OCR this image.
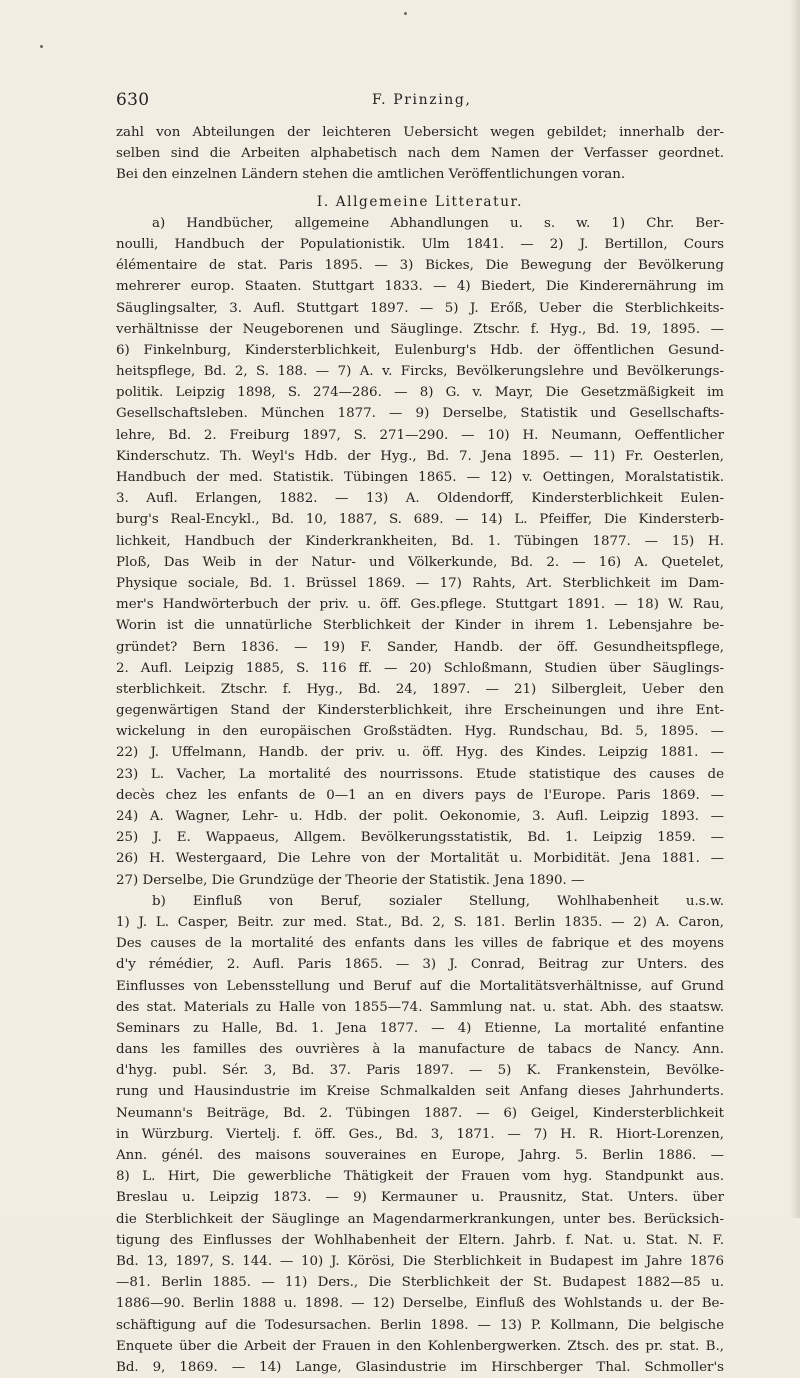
630	F. Prinzing,
zahl von Abteilungen der leichteren Uebersicht wegen gebildet; innerhalb der-
selben sind die Arbeiten alphabetisch nach dem Namen der Verfasser geordnet.
Bei den einzelnen Ländern stehen die amtlichen Veröffentlichungen voran.
I. Allgemeine Litteratur.
a) Handbücher, allgemeine Abhandlungen u. s. w. 1) Chr. Ber-
noulli, Handbuch der Populationistik. Ulm 1841. — 2) J. Bertillon, Cours
élémentaire de stat. Paris 1895. — 3) Bickes, Die Bewegung der Bevölkerung
mehrerer europ. Staaten. Stuttgart 1833. — 4) Biedert, Die Kinderernährung im
Säuglingsalter, 3. Aufl. Stuttgart 1897. — 5) J. Erőß, Ueber die Sterblichkeits-
verhältnisse der Neugeborenen und Säuglinge. Ztschr. f. Hyg., Bd. 19, 1895. —
6) Finkelnburg, Kindersterblichkeit, Eulenburg's Hdb. der öffentlichen Gesund-
heitspflege, Bd. 2, S. 188. — 7) A. v. Fircks, Bevölkerungslehre und Bevölkerungs-
politik. Leipzig 1898, S. 274—286. — 8) G. v. Mayr, Die Gesetzmäßigkeit im
Gesellschaftsleben. München 1877. — 9) Derselbe, Statistik und Gesellschafts-
lehre, Bd. 2. Freiburg 1897, S. 271—290. — 10) H. Neumann, Oeffentlicher
Kinderschutz. Th. Weyl's Hdb. der Hyg., Bd. 7. Jena 1895. — 11) Fr. Oesterlen,
Handbuch der med. Statistik. Tübingen 1865. — 12) v. Oettingen, Moralstatistik.
3. Aufl. Erlangen, 1882. — 13) A. Oldendorff, Kindersterblichkeit Eulen-
burg's Real-Encykl., Bd. 10, 1887, S. 689. — 14) L. Pfeiffer, Die Kindersterb-
lichkeit, Handbuch der Kinderkrankheiten, Bd. 1. Tübingen 1877. — 15) H.
Ploß, Das Weib in der Natur- und Völkerkunde, Bd. 2. — 16) A. Quetelet,
Physique sociale, Bd. 1. Brüssel 1869. — 17) Rahts, Art. Sterblichkeit im Dam-
mer's Handwörterbuch der priv. u. öff. Ges.pflege. Stuttgart 1891. — 18) W. Rau,
Worin ist die unnatürliche Sterblichkeit der Kinder in ihrem 1. Lebensjahre be-
gründet? Bern 1836. — 19) F. Sander, Handb. der öff. Gesundheitspflege,
2. Aufl. Leipzig 1885, S. 116 ff. — 20) Schloßmann, Studien über Säuglings-
sterblichkeit. Ztschr. f. Hyg., Bd. 24, 1897. — 21) Silbergleit, Ueber den
gegenwärtigen Stand der Kindersterblichkeit, ihre Erscheinungen und ihre Ent-
wickelung in den europäischen Großstädten. Hyg. Rundschau, Bd. 5, 1895. —
22) J. Uffelmann, Handb. der priv. u. öff. Hyg. des Kindes. Leipzig 1881. —
23) L. Vacher, La mortalité des nourrissons. Etude statistique des causes de
decès chez les enfants de 0—1 an en divers pays de l'Europe. Paris 1869. —
24) A. Wagner, Lehr- u. Hdb. der polit. Oekonomie, 3. Aufl. Leipzig 1893. —
25) J. E. Wappaeus, Allgem. Bevölkerungsstatistik, Bd. 1. Leipzig 1859. —
26) H. Westergaard, Die Lehre von der Mortalität u. Morbidität. Jena 1881. —
27) Derselbe, Die Grundzüge der Theorie der Statistik. Jena 1890. —
b) Einfluß von Beruf, sozialer Stellung, Wohlhabenheit u.s.w.
1) J. L. Casper, Beitr. zur med. Stat., Bd. 2, S. 181. Berlin 1835. — 2) A. Caron,
Des causes de la mortalité des enfants dans les villes de fabrique et des moyens
d'y rémédier, 2. Aufl. Paris 1865. — 3) J. Conrad, Beitrag zur Unters. des
Einflusses von Lebensstellung und Beruf auf die Mortalitätsverhältnisse, auf Grund
des stat. Materials zu Halle von 1855—74. Sammlung nat. u. stat. Abh. des staatsw.
Seminars zu Halle, Bd. 1. Jena 1877. — 4) Etienne, La mortalité enfantine
dans les familles des ouvrières à la manufacture de tabacs de Nancy. Ann.
d'hyg. publ. Sér. 3, Bd. 37. Paris 1897. — 5) K. Frankenstein, Bevölke-
rung und Hausindustrie im Kreise Schmalkalden seit Anfang dieses Jahrhunderts.
Neumann's Beiträge, Bd. 2. Tübingen 1887. — 6) Geigel, Kindersterblichkeit
in Würzburg. Viertelj. f. öff. Ges., Bd. 3, 1871. — 7) H. R. Hiort-Lorenzen,
Ann. génél. des maisons souveraines en Europe, Jahrg. 5. Berlin 1886. —
8) L. Hirt, Die gewerbliche Thätigkeit der Frauen vom hyg. Standpunkt aus.
Breslau u. Leipzig 1873. — 9) Kermauner u. Prausnitz, Stat. Unters. über
die Sterblichkeit der Säuglinge an Magendarmerkrankungen, unter bes. Berücksich-
tigung des Einflusses der Wohlhabenheit der Eltern. Jahrb. f. Nat. u. Stat. N. F.
Bd. 13, 1897, S. 144. — 10) J. Körösi, Die Sterblichkeit in Budapest im Jahre 1876
—81. Berlin 1885. — 11) Ders., Die Sterblichkeit der St. Budapest 1882—85 u.
1886—90. Berlin 1888 u. 1898. — 12) Derselbe, Einfluß des Wohlstands u. der Be-
schäftigung auf die Todesursachen. Berlin 1898. — 13) P. Kollmann, Die belgische
Enquete über die Arbeit der Frauen in den Kohlenbergwerken. Ztsch. des pr. stat. B.,
Bd. 9, 1869. — 14) Lange, Glasindustrie im Hirschberger Thal. Schmoller's
